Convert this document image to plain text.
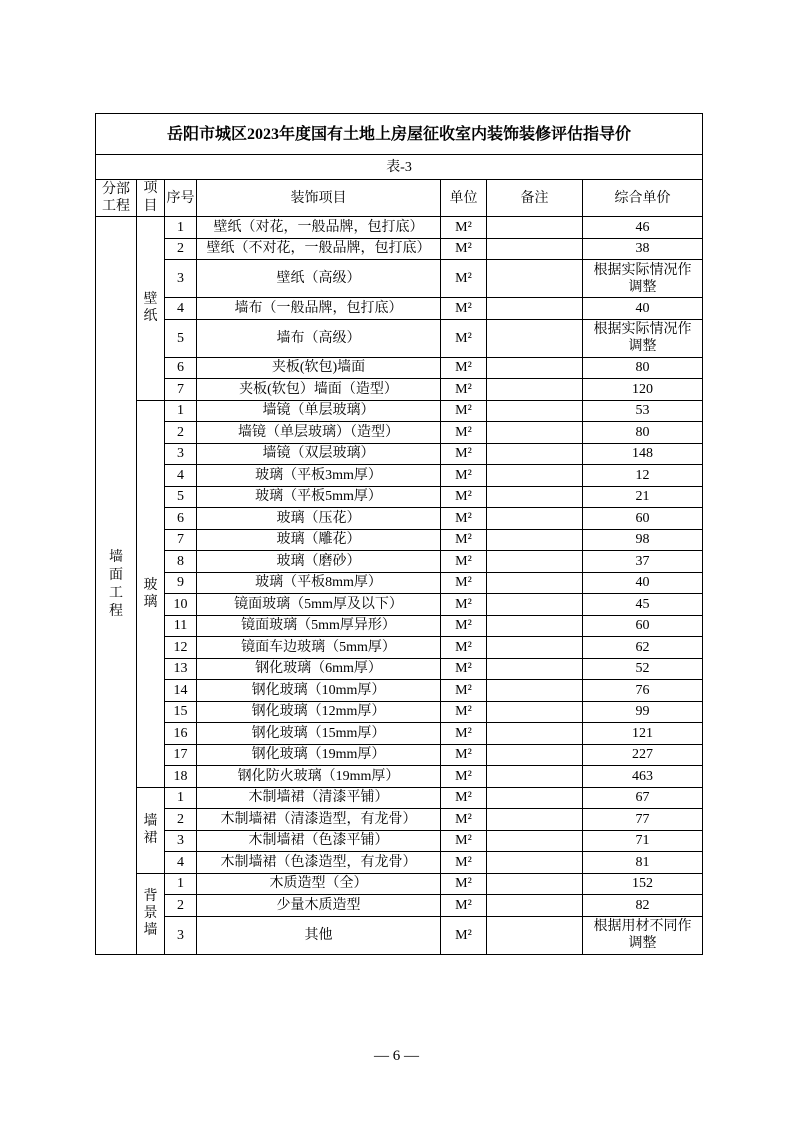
岳阳市城区2023年度国有土地上房屋征收室内装饰装修评估指导价						
表-3						
分部工程	项目	序号	装饰项目	单位	备注	综合单价
墙面工程	壁纸	1	壁纸（对花，一般品牌，包打底）	M²		46
		2	壁纸（不对花，一般品牌，包打底）	M²		38
		3	壁纸（高级）	M²		根据实际情况作调整
		4	墙布（一般品牌，包打底）	M²		40
		5	墙布（高级）	M²		根据实际情况作调整
		6	夹板(软包)墙面	M²		80
		7	夹板(软包）墙面（造型）	M²		120
	玻璃	1	墙镜（单层玻璃）	M²		53
		2	墙镜（单层玻璃）（造型）	M²		80
		3	墙镜（双层玻璃）	M²		148
		4	玻璃（平板3mm厚）	M²		12
		5	玻璃（平板5mm厚）	M²		21
		6	玻璃（压花）	M²		60
		7	玻璃（雕花）	M²		98
		8	玻璃（磨砂）	M²		37
		9	玻璃（平板8mm厚）	M²		40
		10	镜面玻璃（5mm厚及以下）	M²		45
		11	镜面玻璃（5mm厚异形）	M²		60
		12	镜面车边玻璃（5mm厚）	M²		62
		13	钢化玻璃（6mm厚）	M²		52
		14	钢化玻璃（10mm厚）	M²		76
		15	钢化玻璃（12mm厚）	M²		99
		16	钢化玻璃（15mm厚）	M²		121
		17	钢化玻璃（19mm厚）	M²		227
		18	钢化防火玻璃（19mm厚）	M²		463
	墙裙	1	木制墙裙（清漆平铺）	M²		67
		2	木制墙裙（清漆造型，有龙骨）	M²		77
		3	木制墙裙（色漆平铺）	M²		71
		4	木制墙裙（色漆造型，有龙骨）	M²		81
	背景墙	1	木质造型（全）	M²		152
		2	少量木质造型	M²		82
		3	其他	M²		根据用材不同作调整
— 6 —
